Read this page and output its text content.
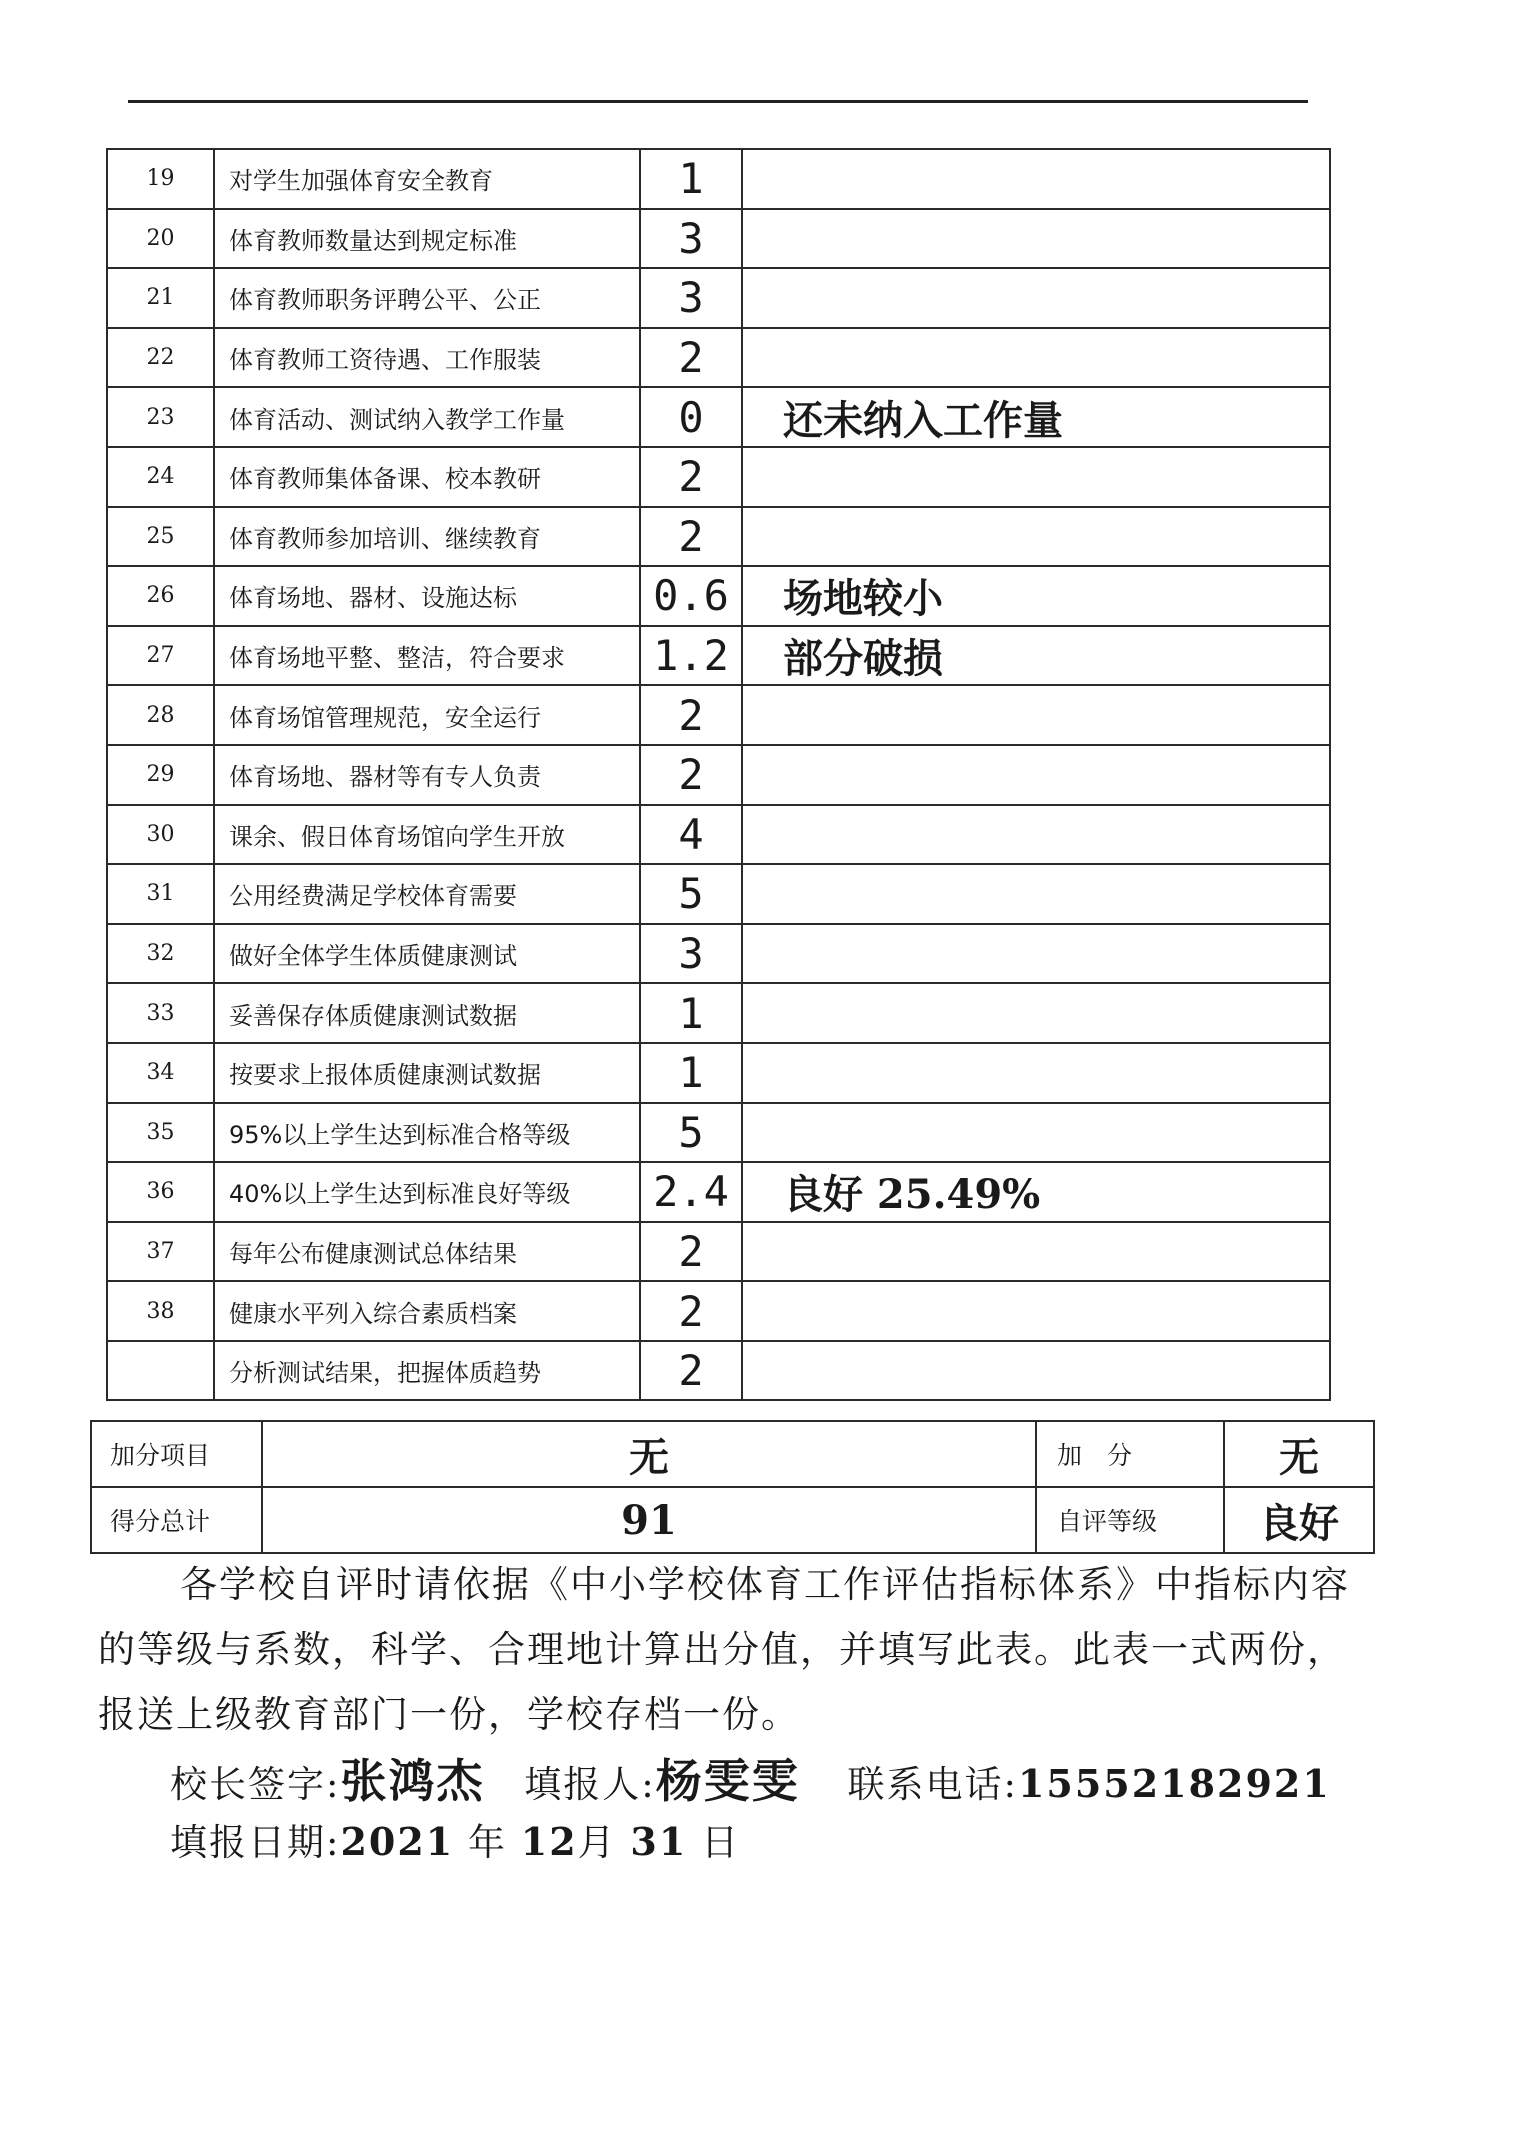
19	对学生加强体育安全教育	1	
20	体育教师数量达到规定标准	3	
21	体育教师职务评聘公平、公正	3	
22	体育教师工资待遇、工作服装	2	
23	体育活动、测试纳入教学工作量	0	还未纳入工作量
24	体育教师集体备课、校本教研	2	
25	体育教师参加培训、继续教育	2	
26	体育场地、器材、设施达标	0.6	场地较小
27	体育场地平整、整洁，符合要求	1.2	部分破损
28	体育场馆管理规范，安全运行	2	
29	体育场地、器材等有专人负责	2	
30	课余、假日体育场馆向学生开放	4	
31	公用经费满足学校体育需要	5	
32	做好全体学生体质健康测试	3	
33	妥善保存体质健康测试数据	1	
34	按要求上报体质健康测试数据	1	
35	95%以上学生达到标准合格等级	5	
36	40%以上学生达到标准良好等级	2.4	良好 25.49%
37	每年公布健康测试总体结果	2	
38	健康水平列入综合素质档案	2	
	分析测试结果，把握体质趋势	2	
加分项目	无	加　分	无
得分总计	91	自评等级	良好
各学校自评时请依据《中小学校体育工作评估指标体系》中指标内容的等级与系数，科学、合理地计算出分值，并填写此表。此表一式两份，报送上级教育部门一份，学校存档一份。
校长签字:张鸿杰 填报人:杨雯雯 联系电话:15552182921
填报日期:2021 年 12月 31 日
